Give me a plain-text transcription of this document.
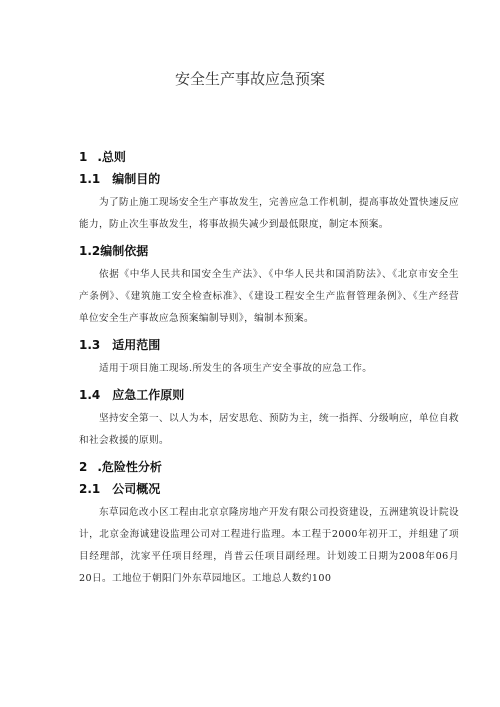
安全生产事故应急预案
1 .总则
1.1 编制目的

为了防止施工现场安全生产事故发生，完善应急工作机制，提高事故处置快速反应能力，防止次生事故发生，将事故损失减少到最低限度，制定本预案。

1.2编制依据

依据《中华人民共和国安全生产法》、《中华人民共和国消防法》、《北京市安全生产条例》、《建筑施工安全检查标准》、《建设工程安全生产监督管理条例》、《生产经营单位安全生产事故应急预案编制导则》，编制本预案。

1.3 适用范围

适用于项目施工现场.所发生的各项生产安全事故的应急工作。

1.4 应急工作原则

坚持安全第一、以人为本，居安思危、预防为主，统一指挥、分级响应，单位自救和社会救援的原则。

2 .危险性分析
2.1 公司概况

东草园危改小区工程由北京京隆房地产开发有限公司投资建设，五洲建筑设计院设计，北京金海诚建设监理公司对工程进行监理。本工程于2000年初开工，并组建了项目经理部，沈家平任项目经理，肖普云任项目副经理。计划竣工日期为2008年06月20日。工地位于朝阳门外东草园地区。工地总人数约100
